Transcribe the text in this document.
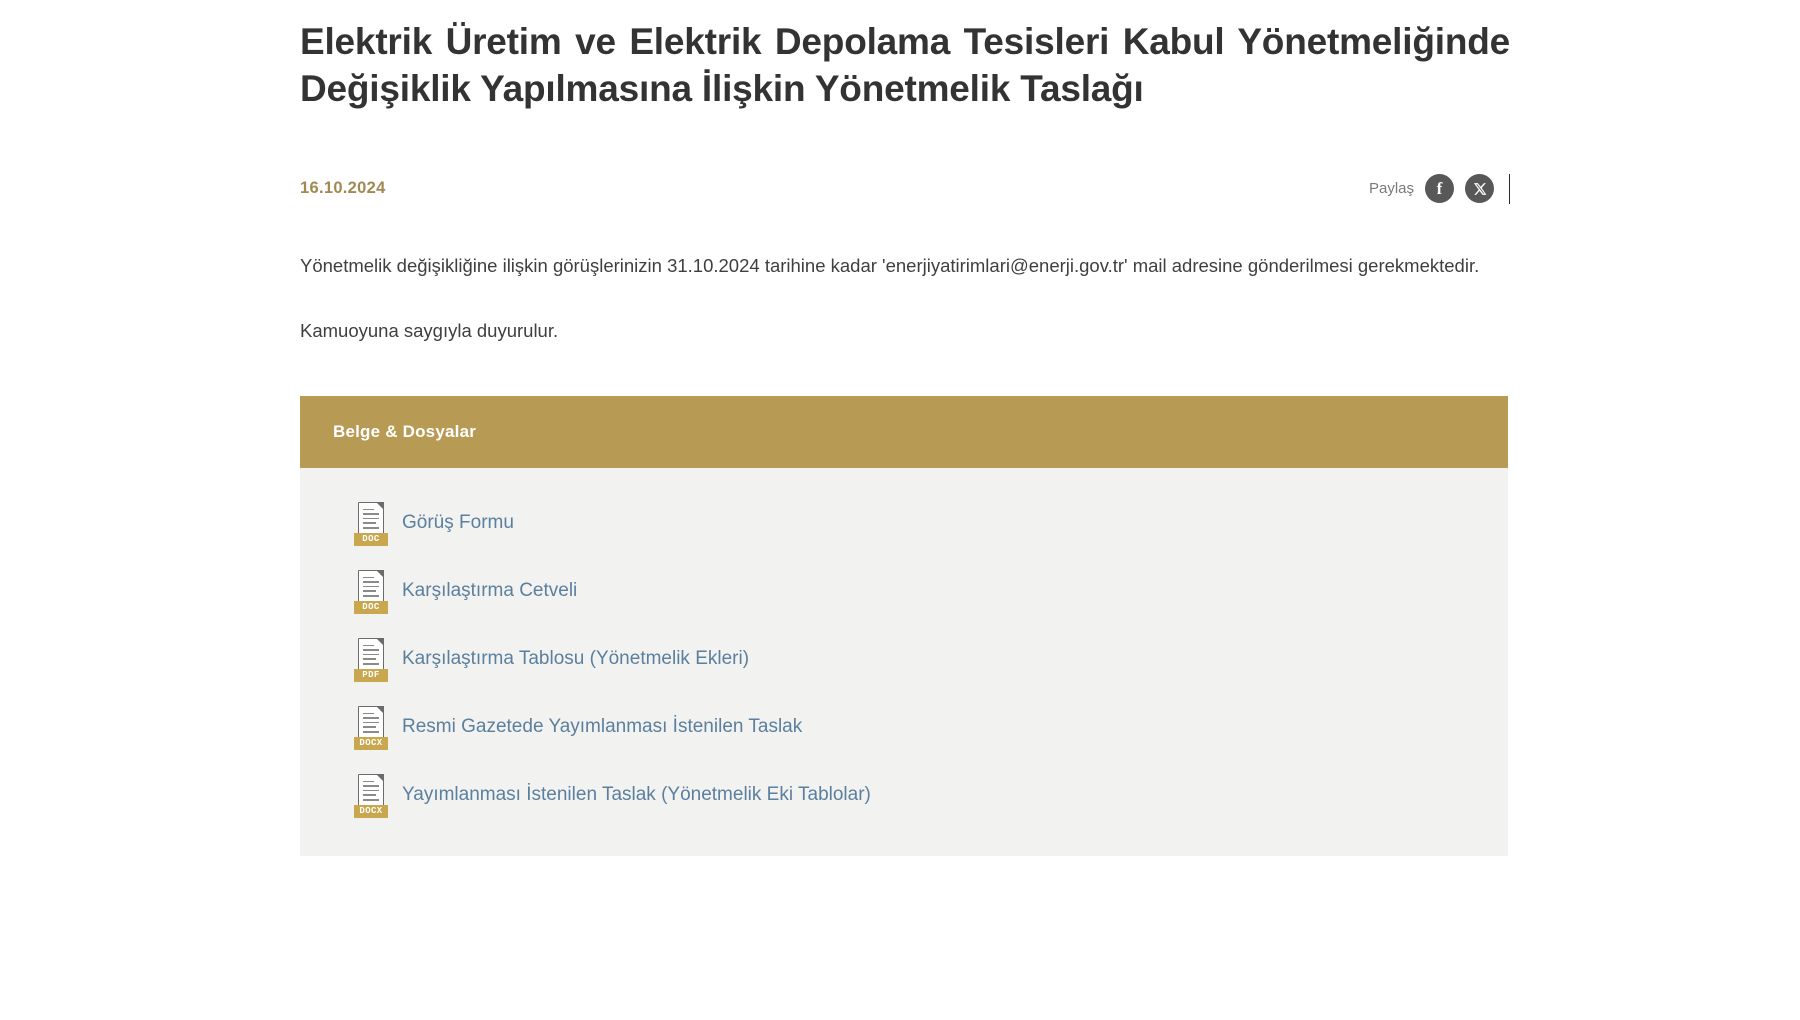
Elektrik Üretim ve Elektrik Depolama Tesisleri Kabul Yönetmeliğinde Değişiklik Yapılmasına İlişkin Yönetmelik Taslağı
16.10.2024	Paylaş	f

Yönetmelik değişikliğine ilişkin görüşlerinizin 31.10.2024 tarihine kadar 'enerjiyatirimlari@enerji.gov.tr' mail adresine gönderilmesi gerekmektedir.

Kamuoyuna saygıyla duyurulur.

Belge & Dosyalar
DOC
Görüş Formu
DOC
Karşılaştırma Cetveli
PDF
Karşılaştırma Tablosu (Yönetmelik Ekleri)
DOCX
Resmi Gazetede Yayımlanması İstenilen Taslak
DOCX
Yayımlanması İstenilen Taslak (Yönetmelik Eki Tablolar)
